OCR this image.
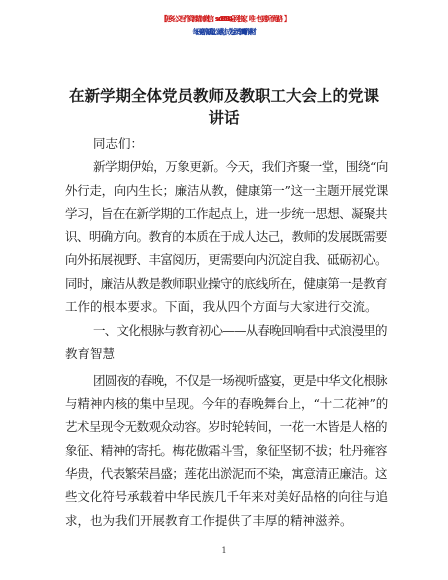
【更多公文写作资源请加微信：suo180914 全网独家，唯一包更新不跑路！】
每日更新高质量公文素材，成为会员享受 2000 写作素材！
在新学期全体党员教师及教职工大会上的党课
讲话
同志们：
新学期伊始，万象更新。今天，我们齐聚一堂，围绕“向
外行走，向内生长；廉洁从教，健康第一”这一主题开展党课
学习，旨在在新学期的工作起点上，进一步统一思想、凝聚共
识、明确方向。教育的本质在于成人达己，教师的发展既需要
向外拓展视野、丰富阅历，更需要向内沉淀自我、砥砺初心。
同时，廉洁从教是教师职业操守的底线所在，健康第一是教育
工作的根本要求。下面，我从四个方面与大家进行交流。
一、文化根脉与教育初心——从春晚回响看中式浪漫里的
教育智慧
团圆夜的春晚，不仅是一场视听盛宴，更是中华文化根脉
与精神内核的集中呈现。今年的春晚舞台上，“十二花神”的
艺术呈现令无数观众动容。岁时轮转间，一花一木皆是人格的
象征、精神的寄托。梅花傲霜斗雪，象征坚韧不拔；牡丹雍容
华贵，代表繁荣昌盛；莲花出淤泥而不染，寓意清正廉洁。这
些文化符号承载着中华民族几千年来对美好品格的向往与追
求，也为我们开展教育工作提供了丰厚的精神滋养。
1
